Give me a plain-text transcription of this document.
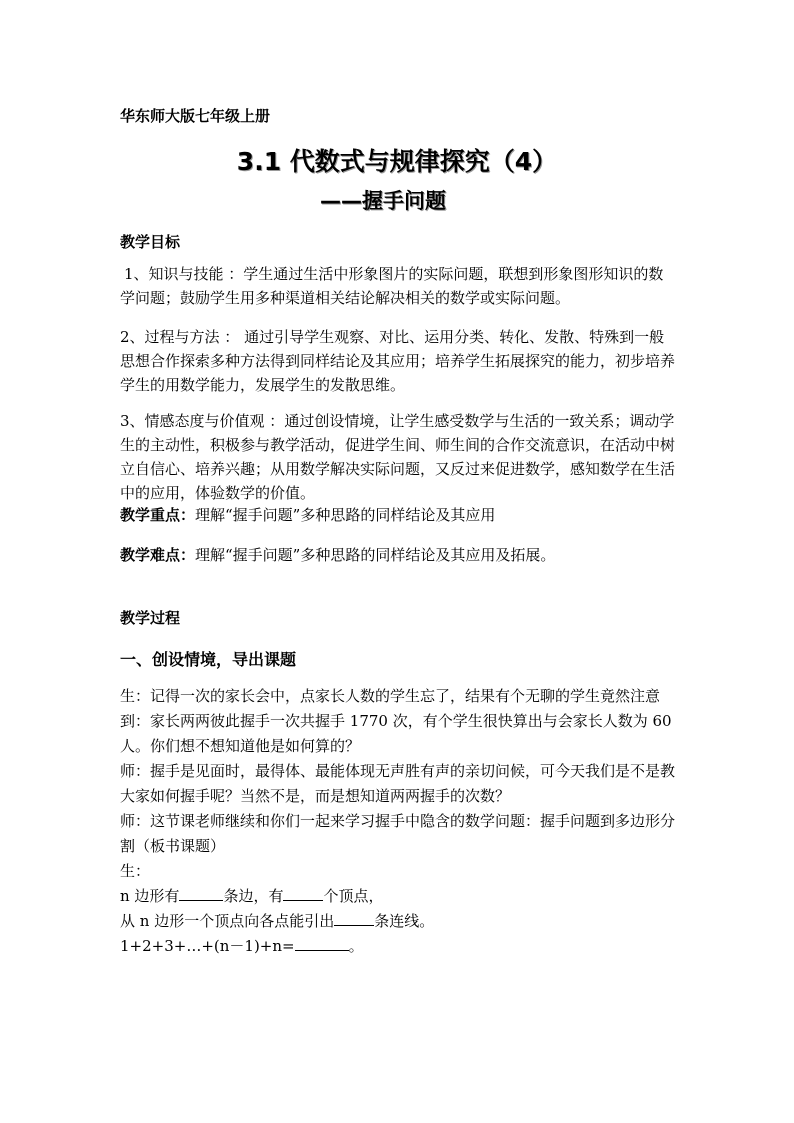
华东师大版七年级上册

3.1 代数式与规律探究（4）
——握手问题

教学目标

1、知识与技能 ：学生通过生活中形象图片的实际问题，联想到形象图形知识的数学问题；鼓励学生用多种渠道相关结论解决相关的数学或实际问题。

2、过程与方法 ： 通过引导学生观察、对比、运用分类、转化、发散、特殊到一般思想合作探索多种方法得到同样结论及其应用；培养学生拓展探究的能力，初步培养学生的用数学能力，发展学生的发散思维。

3、情感态度与价值观 ：通过创设情境，让学生感受数学与生活的一致关系；调动学生的主动性，积极参与教学活动，促进学生间、师生间的合作交流意识，在活动中树立自信心、培养兴趣；从用数学解决实际问题，又反过来促进数学，感知数学在生活中的应用，体验数学的价值。

教学重点：理解“握手问题”多种思路的同样结论及其应用

教学难点：理解“握手问题”多种思路的同样结论及其应用及拓展。

教学过程

一、创设情境，导出课题

生：记得一次的家长会中，点家长人数的学生忘了，结果有个无聊的学生竟然注意到：家长两两彼此握手一次共握手 1770 次，有个学生很快算出与会家长人数为 60 人。你们想不想知道他是如何算的？
师：握手是见面时，最得体、最能体现无声胜有声的亲切问候，可今天我们是不是教大家如何握手呢？当然不是，而是想知道两两握手的次数？
师：这节课老师继续和你们一起来学习握手中隐含的数学问题：握手问题到多边形分割（板书课题）
生：
n 边形有	条边，有	个顶点，
从 n 边形一个顶点向各点能引出	条连线。
1+2+3+…+(n－1)+n=	。
